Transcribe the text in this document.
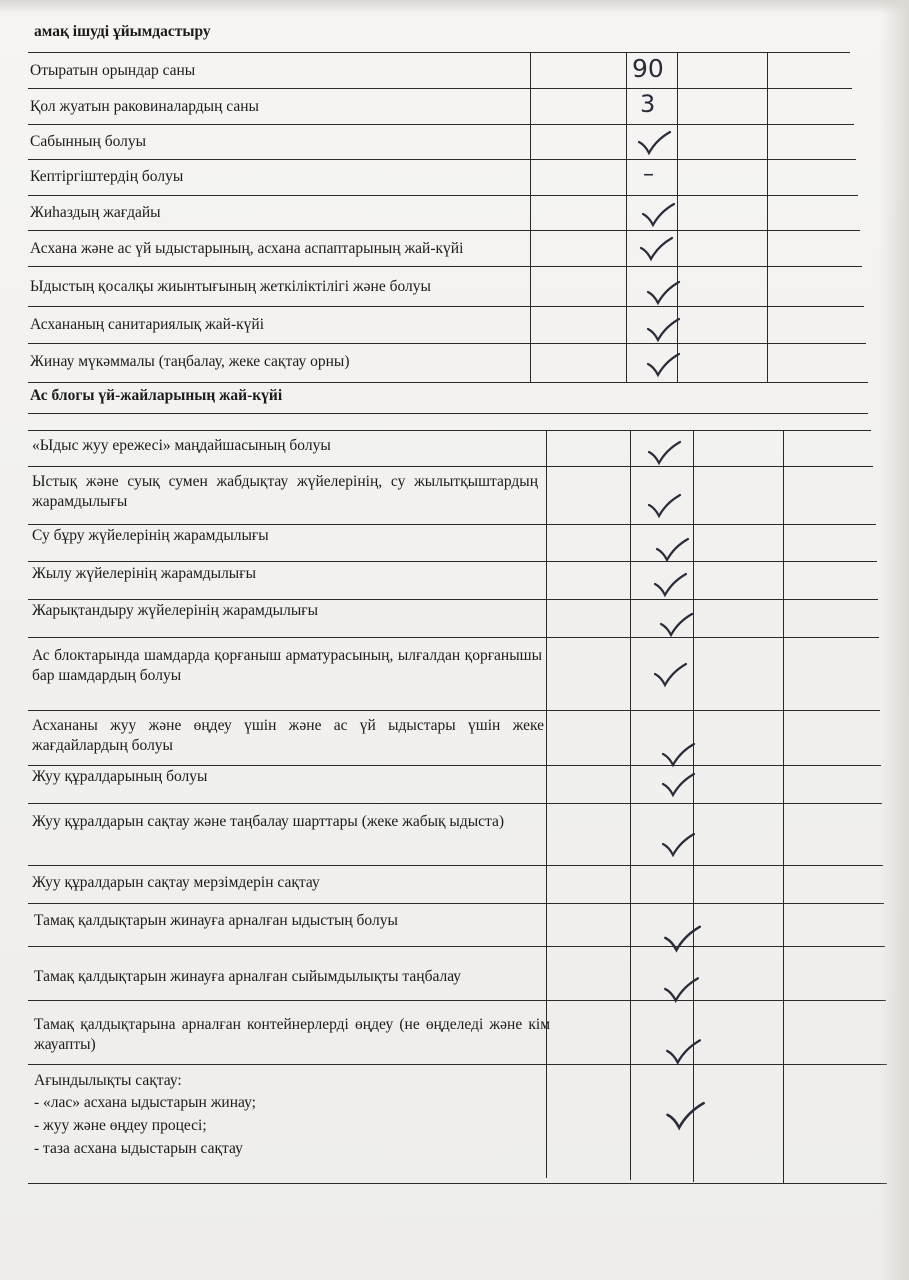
амақ ішуді ұйымдастыру
Отыратын орындар саны
Қол жуатын раковиналардың саны
Сабынның болуы
Кептіргіштердің болуы
Жиһаздың жағдайы
Асхана және ас үй ыдыстарының, асхана аспаптарының жай-күйі
Ыдыстың қосалқы жиынтығының жеткіліктілігі және болуы
Асхананың санитариялық жай-күйі
Жинау мүкәммалы (таңбалау, жеке сақтау орны)
90
3
–
Ас блогы үй-жайларының жай-күйі
«Ыдыс жуу ережесі» маңдайшасының болуы
Ыстық және суық сумен жабдықтау жүйелерінің, су жылытқыштардың жарамдылығы
Су бұру жүйелерінің жарамдылығы
Жылу жүйелерінің жарамдылығы
Жарықтандыру жүйелерінің жарамдылығы
Ас блоктарында шамдарда қорғаныш арматурасының, ылғалдан қорғанышы бар шамдардың болуы
Асхананы жуу және өңдеу үшін және ас үй ыдыстары үшін жеке жағдайлардың болуы
Жуу құралдарының болуы
Жуу құралдарын сақтау және таңбалау шарттары (жеке жабық ыдыста)
Жуу құралдарын сақтау мерзімдерін сақтау
Тамақ қалдықтарын жинауға арналған ыдыстың болуы
Тамақ қалдықтарын жинауға арналған сыйымдылықты таңбалау
Тамақ қалдықтарына арналған контейнерлерді өңдеу (не өңделеді және кім жауапты)
Ағындылықты сақтау:
- «лас» асхана ыдыстарын жинау;
- жуу және өңдеу процесі;
- таза асхана ыдыстарын сақтау
